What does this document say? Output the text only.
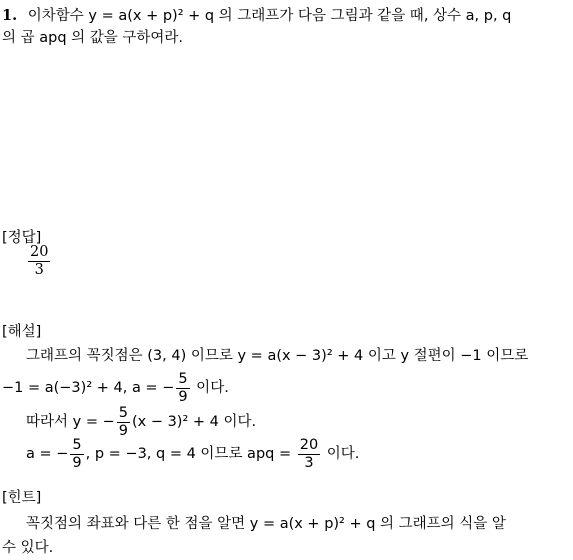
1. 이차함수 y = a(x + p)² + q 의 그래프가 다음 그림과 같을 때, 상수 a, p, q
의 곱 apq 의 값을 구하여라.
[정답]
$\frac{20}{3}$
[해설]
그래프의 꼭짓점은 (3, 4) 이므로 y = a(x − 3)² + 4 이고 y 절편이 −1 이므로
−1 = a(−3)² + 4, a = − $\frac{5}{9}$ 이다.
따라서 y = − $\frac{5}{9} (x - 3)^2 + 4$ 이다.
a = − $\frac{5}{9}$ , p = −3, q = 4 이므로 apq = $\frac{20}{3}$ 이다.
[힌트]
꼭짓점의 좌표와 다른 한 점을 알면 y = a(x + p)² + q 의 그래프의 식을 알
수 있다.
